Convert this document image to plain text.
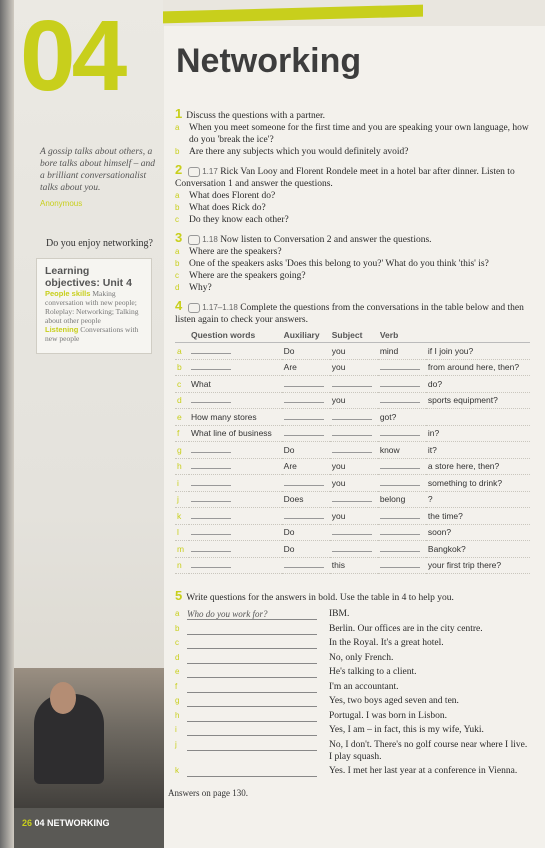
04 Networking
A gossip talks about others, a bore talks about himself – and a brilliant conversationalist talks about you.
Anonymous
Do you enjoy networking?
Learning objectives: Unit 4
People skills Making conversation with new people; Roleplay: Networking; Talking about other people
Listening Conversations with new people
26 04 NETWORKING
1 Discuss the questions with a partner.
a	When you meet someone for the first time and you are speaking your own language, how do you 'break the ice'?
b	Are there any subjects which you would definitely avoid?
2	1.17 Rick Van Looy and Florent Rondele meet in a hotel bar after dinner. Listen to Conversation 1 and answer the questions.
a	What does Florent do?
b	What does Rick do?
c	Do they know each other?
3	1.18 Now listen to Conversation 2 and answer the questions.
a	Where are the speakers?
b	One of the speakers asks 'Does this belong to you?' What do you think 'this' is?
c	Where are the speakers going?
d	Why?
4	1.17–1.18 Complete the questions from the conversations in the table below and then listen again to check your answers.
	Question words	Auxiliary	Subject	Verb	
a		Do	you	mind	if I join you?
b		Are	you		from around here, then?
c	What				do?
d			you		sports equipment?
e	How many stores			got?	
f	What line of business				in?
g		Do		know	it?
h		Are	you		a store here, then?
i			you		something to drink?
j		Does		belong	?
k			you		the time?
l		Do			soon?
m		Do			Bangkok?
n			this		your first trip there?
5 Write questions for the answers in bold. Use the table in 4 to help you.
a Who do you work for?	IBM.
b	Berlin. Our offices are in the city centre.
c	In the Royal. It's a great hotel.
d	No, only French.
e	He's talking to a client.
f	I'm an accountant.
g	Yes, two boys aged seven and ten.
h	Portugal. I was born in Lisbon.
i	Yes, I am – in fact, this is my wife, Yuki.
j	No, I don't. There's no golf course near where I live. I play squash.
k	Yes. I met her last year at a conference in Vienna.
Answers on page 130.
